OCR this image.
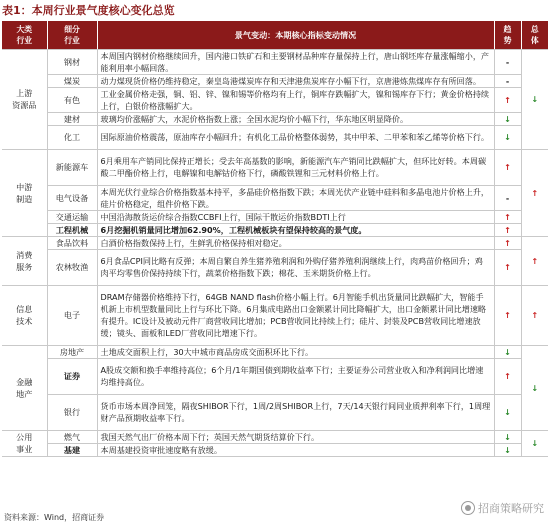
表1：本周行业景气度核心变化总览
大类
行业	细分
行业	景气变动：本期核心指标变动情况	趋
势	总
体
上游
资源品	钢材	本周国内钢材价格继续回升，国内港口铁矿石和主要钢材品种库存量保持上行，唐山钢坯库存量涨幅缩小，产能利用率小幅回落。	-	↓
	煤炭	动力煤现货价格仍维持稳定，秦皇岛港煤炭库存和天津港焦炭库存小幅下行，京唐港炼焦煤库存有所回落。	-	
	有色	工业金属价格走强，铜、铝、锌、镍和锡等价格均有上行，铜库存跌幅扩大，镍和锡库存下行；黄金价格持续上行，白银价格涨幅扩大。	↑	
	建材	玻璃均价涨幅扩大，水泥价格指数上涨；全国水泥均价小幅下行，华东地区明显降价。	↓	
	化工	国际原油价格震荡，原油库存小幅回升；有机化工品价格整体弱势，其中甲苯、二甲苯和苯乙烯等价格下行。	↓	
中游
制造	新能源车	6月乘用车产销同比保持正增长；受去年高基数的影响，新能源汽车产销同比跌幅扩大，但环比好转。本周碳酸二甲酯价格上行，电解镍和电解钴价格下行，磷酸铁锂和三元材料价格上行。	↑	↑
	电气设备	本周光伏行业综合价格指数基本持平，多晶硅价格指数下跌；本周光伏产业链中硅料和多晶电池片价格上升，硅片价格稳定，组件价格下跌。	-	
	交通运输	中国沿海散货运价综合指数CCBFI上行，国际干散运价指数BDTI上行	↑	
	工程机械	6月挖掘机销量同比增加62.90%，工程机械板块有望保持较高的景气度。	↑	
消费
服务	食品饮料	白酒价格指数保持上行，生鲜乳价格保持相对稳定。	↑	↑
	农林牧渔	6月食品CPI同比略有反弹；本周自繁自养生猪养殖利润和外购仔猪养殖利润继续上行，肉鸡苗价格回升；鸡肉平均零售价保持持续下行，蔬菜价格指数下跌；棉花、玉米期货价格上行。	↑	
信息
技术	电子	DRAM存储器价格维持下行，64GB NAND flash价格小幅上行。6月智能手机出货量同比跌幅扩大，智能手机新上市机型数量同比上行与环比下降。6月集成电路出口金额累计同比降幅扩大，出口金额累计同比增速略有提升。IC设计及被动元件厂商营收同比增加；PCB营收同比持续上行；硅片、封装及PCB营收同比增速放缓；镜头、面板和LED厂营收同比增速下行。	↑	↑
金融
地产	房地产	土地成交面积上行，30大中城市商品房成交面积环比下行。	↓	↓
	证券	A股成交额和换手率维持高位；6个月/1年期国债到期收益率下行；主要证券公司营业收入和净利润同比增速均维持高位。	↑	
	银行	货币市场本周净回笼，隔夜SHIBOR下行，1周/2周SHIBOR上行，7天/14天银行间同业质押利率下行，1周理财产品预期收益率下行。	↓	
公用
事业	燃气	我国天然气出厂价格本周下行；英国天然气期货结算价下行。	↓	↓
	基建	本周基建投资审批速度略有放缓。	↓	
招商策略研究
资料来源：Wind，招商证券
